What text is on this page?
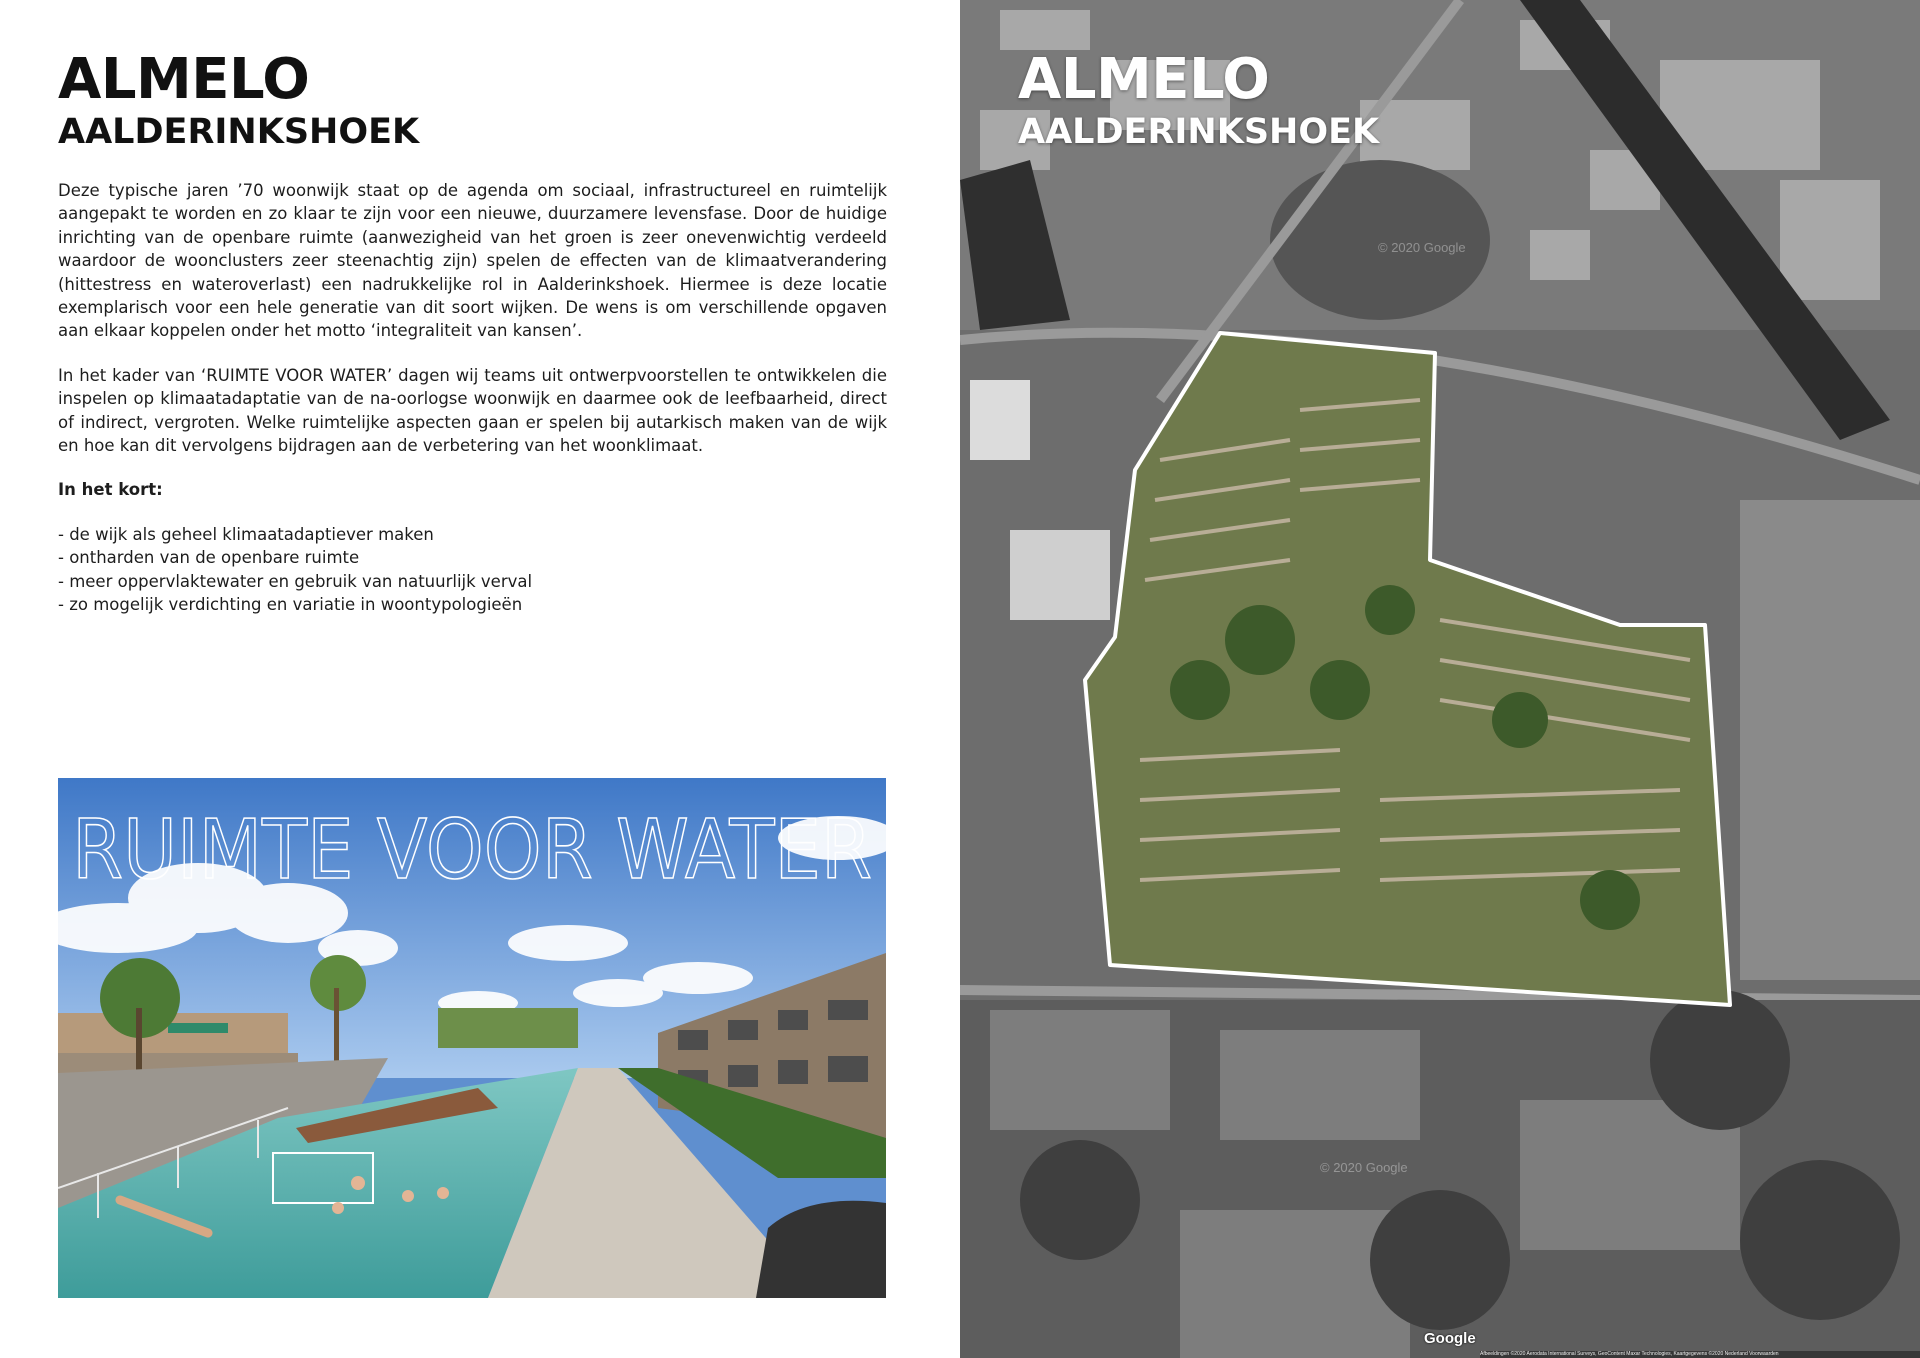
ALMELO
AALDERINKSHOEK

Deze typische jaren ’70 woonwijk staat op de agenda om sociaal, infrastructureel en ruimtelijk aangepakt te worden en zo klaar te zijn voor een nieuwe, duurzamere levensfase. Door de huidige inrichting van de openbare ruimte (aanwezigheid van het groen is zeer onevenwichtig verdeeld waardoor de woonclusters zeer steenachtig zijn) spelen de effecten van de klimaatverandering (hittestress en wateroverlast) een nadrukkelijke rol in Aalderinkshoek. Hiermee is deze locatie exemplarisch voor een hele generatie van dit soort wijken. De wens is om verschillende opgaven aan elkaar koppelen onder het motto ‘integraliteit van kansen’.

In het kader van ‘RUIMTE VOOR WATER’ dagen wij teams uit ontwerpvoorstellen te ontwikkelen die inspelen op klimaatadaptatie van de na-oorlogse woonwijk en daarmee ook de leefbaarheid, direct of indirect, vergroten. Welke ruimtelijke aspecten gaan er spelen bij autarkisch maken van de wijk en hoe kan dit vervolgens bijdragen aan de verbetering van het woonklimaat.

In het kort:

- de wijk als geheel klimaatadaptiever maken
- ontharden van de openbare ruimte
- meer oppervlaktewater en gebruik van natuurlijk verval
- zo mogelijk verdichting en variatie in woontypologieën
RUIMTE VOOR WATER
© 2020 Google
© 2020 Google
ALMELO
AALDERINKSHOEK
Google
Afbeeldingen ©2020 Aerodata International Surveys, GeoContent Maxar Technologies, Kaartgegevens ©2020 Nederland Voorwaarden
